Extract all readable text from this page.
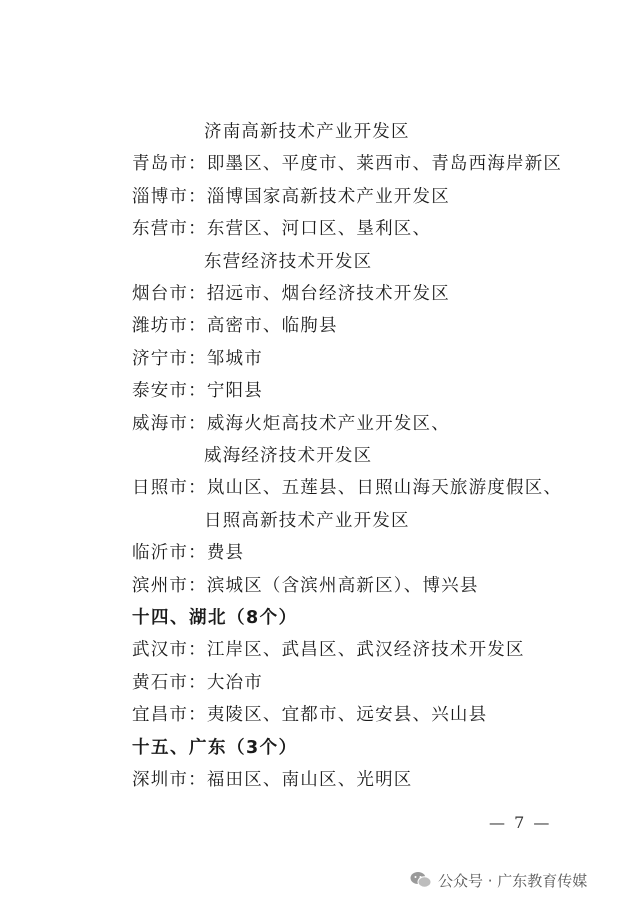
济南高新技术产业开发区
青岛市：即墨区、平度市、莱西市、青岛西海岸新区
淄博市：淄博国家高新技术产业开发区
东营市：东营区、河口区、垦利区、
东营经济技术开发区
烟台市：招远市、烟台经济技术开发区
潍坊市：高密市、临朐县
济宁市：邹城市
泰安市：宁阳县
威海市：威海火炬高技术产业开发区、
威海经济技术开发区
日照市：岚山区、五莲县、日照山海天旅游度假区、
日照高新技术产业开发区
临沂市：费县
滨州市：滨城区（含滨州高新区）、博兴县
十四、湖北（8个）
武汉市：江岸区、武昌区、武汉经济技术开发区
黄石市：大冶市
宜昌市：夷陵区、宜都市、远安县、兴山县
十五、广东（3个）
深圳市：福田区、南山区、光明区
— 7 —
公众号 · 广东教育传媒
